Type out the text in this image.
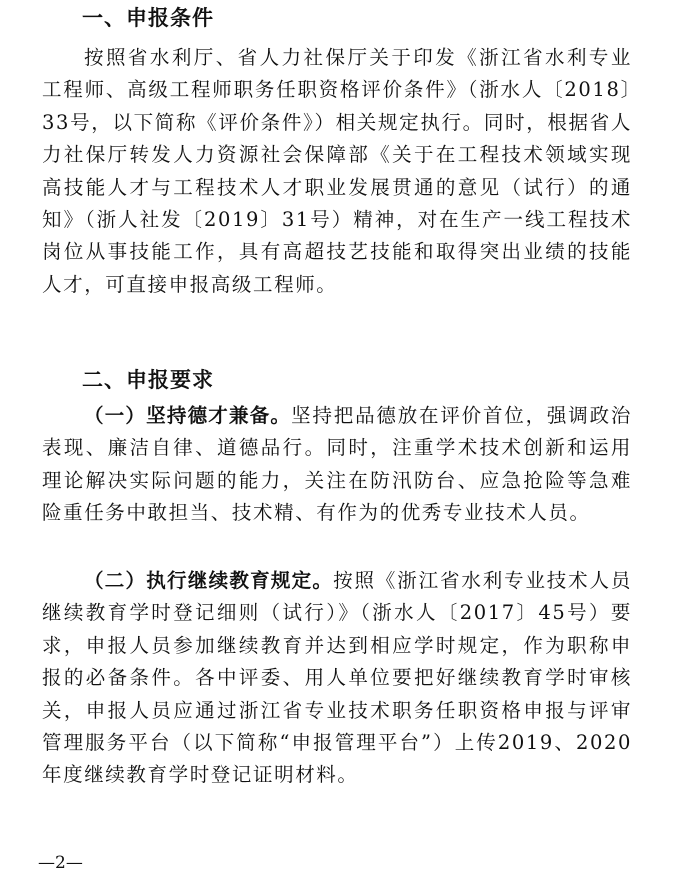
一、申报条件

按照省水利厅、省人力社保厅关于印发《浙江省水利专业工程师、高级工程师职务任职资格评价条件》（浙水人〔2018〕33号，以下简称《评价条件》）相关规定执行。同时，根据省人力社保厅转发人力资源社会保障部《关于在工程技术领域实现高技能人才与工程技术人才职业发展贯通的意见（试行）的通知》（浙人社发〔2019〕31号）精神，对在生产一线工程技术岗位从事技能工作，具有高超技艺技能和取得突出业绩的技能人才，可直接申报高级工程师。

二、申报要求

（一）坚持德才兼备。坚持把品德放在评价首位，强调政治表现、廉洁自律、道德品行。同时，注重学术技术创新和运用理论解决实际问题的能力，关注在防汛防台、应急抢险等急难险重任务中敢担当、技术精、有作为的优秀专业技术人员。

（二）执行继续教育规定。按照《浙江省水利专业技术人员继续教育学时登记细则（试行）》（浙水人〔2017〕45号）要求，申报人员参加继续教育并达到相应学时规定，作为职称申报的必备条件。各中评委、用人单位要把好继续教育学时审核关，申报人员应通过浙江省专业技术职务任职资格申报与评审管理服务平台（以下简称“申报管理平台”）上传2019、2020年度继续教育学时登记证明材料。

—2—
